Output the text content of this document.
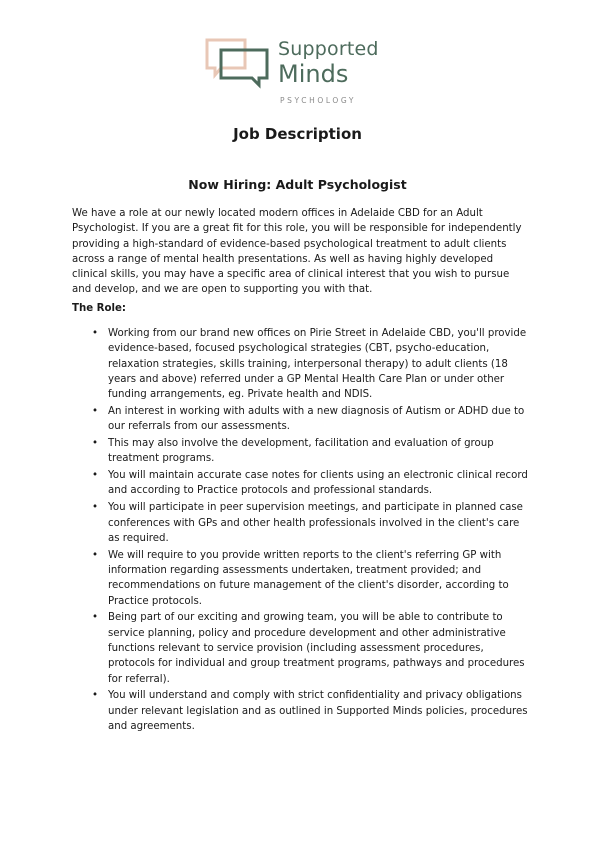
Supported
Minds
PSYCHOLOGY
Job Description
Now Hiring: Adult Psychologist

We have a role at our newly located modern offices in Adelaide CBD for an Adult Psychologist. If you are a great fit for this role, you will be responsible for independently providing a high-standard of evidence-based psychological treatment to adult clients across a range of mental health presentations. As well as having highly developed clinical skills, you may have a specific area of clinical interest that you wish to pursue and develop, and we are open to supporting you with that.

The Role:
• Working from our brand new offices on Pirie Street in Adelaide CBD, you'll provide evidence-based, focused psychological strategies (CBT, psycho-education, relaxation strategies, skills training, interpersonal therapy) to adult clients (18 years and above) referred under a GP Mental Health Care Plan or under other funding arrangements, eg. Private health and NDIS.
• An interest in working with adults with a new diagnosis of Autism or ADHD due to our referrals from our assessments.
• This may also involve the development, facilitation and evaluation of group treatment programs.
• You will maintain accurate case notes for clients using an electronic clinical record and according to Practice protocols and professional standards.
• You will participate in peer supervision meetings, and participate in planned case conferences with GPs and other health professionals involved in the client's care as required.
• We will require to you provide written reports to the client's referring GP with information regarding assessments undertaken, treatment provided; and recommendations on future management of the client's disorder, according to Practice protocols.
• Being part of our exciting and growing team, you will be able to contribute to service planning, policy and procedure development and other administrative functions relevant to service provision (including assessment procedures, protocols for individual and group treatment programs, pathways and procedures for referral).
• You will understand and comply with strict confidentiality and privacy obligations under relevant legislation and as outlined in Supported Minds policies, procedures and agreements.
